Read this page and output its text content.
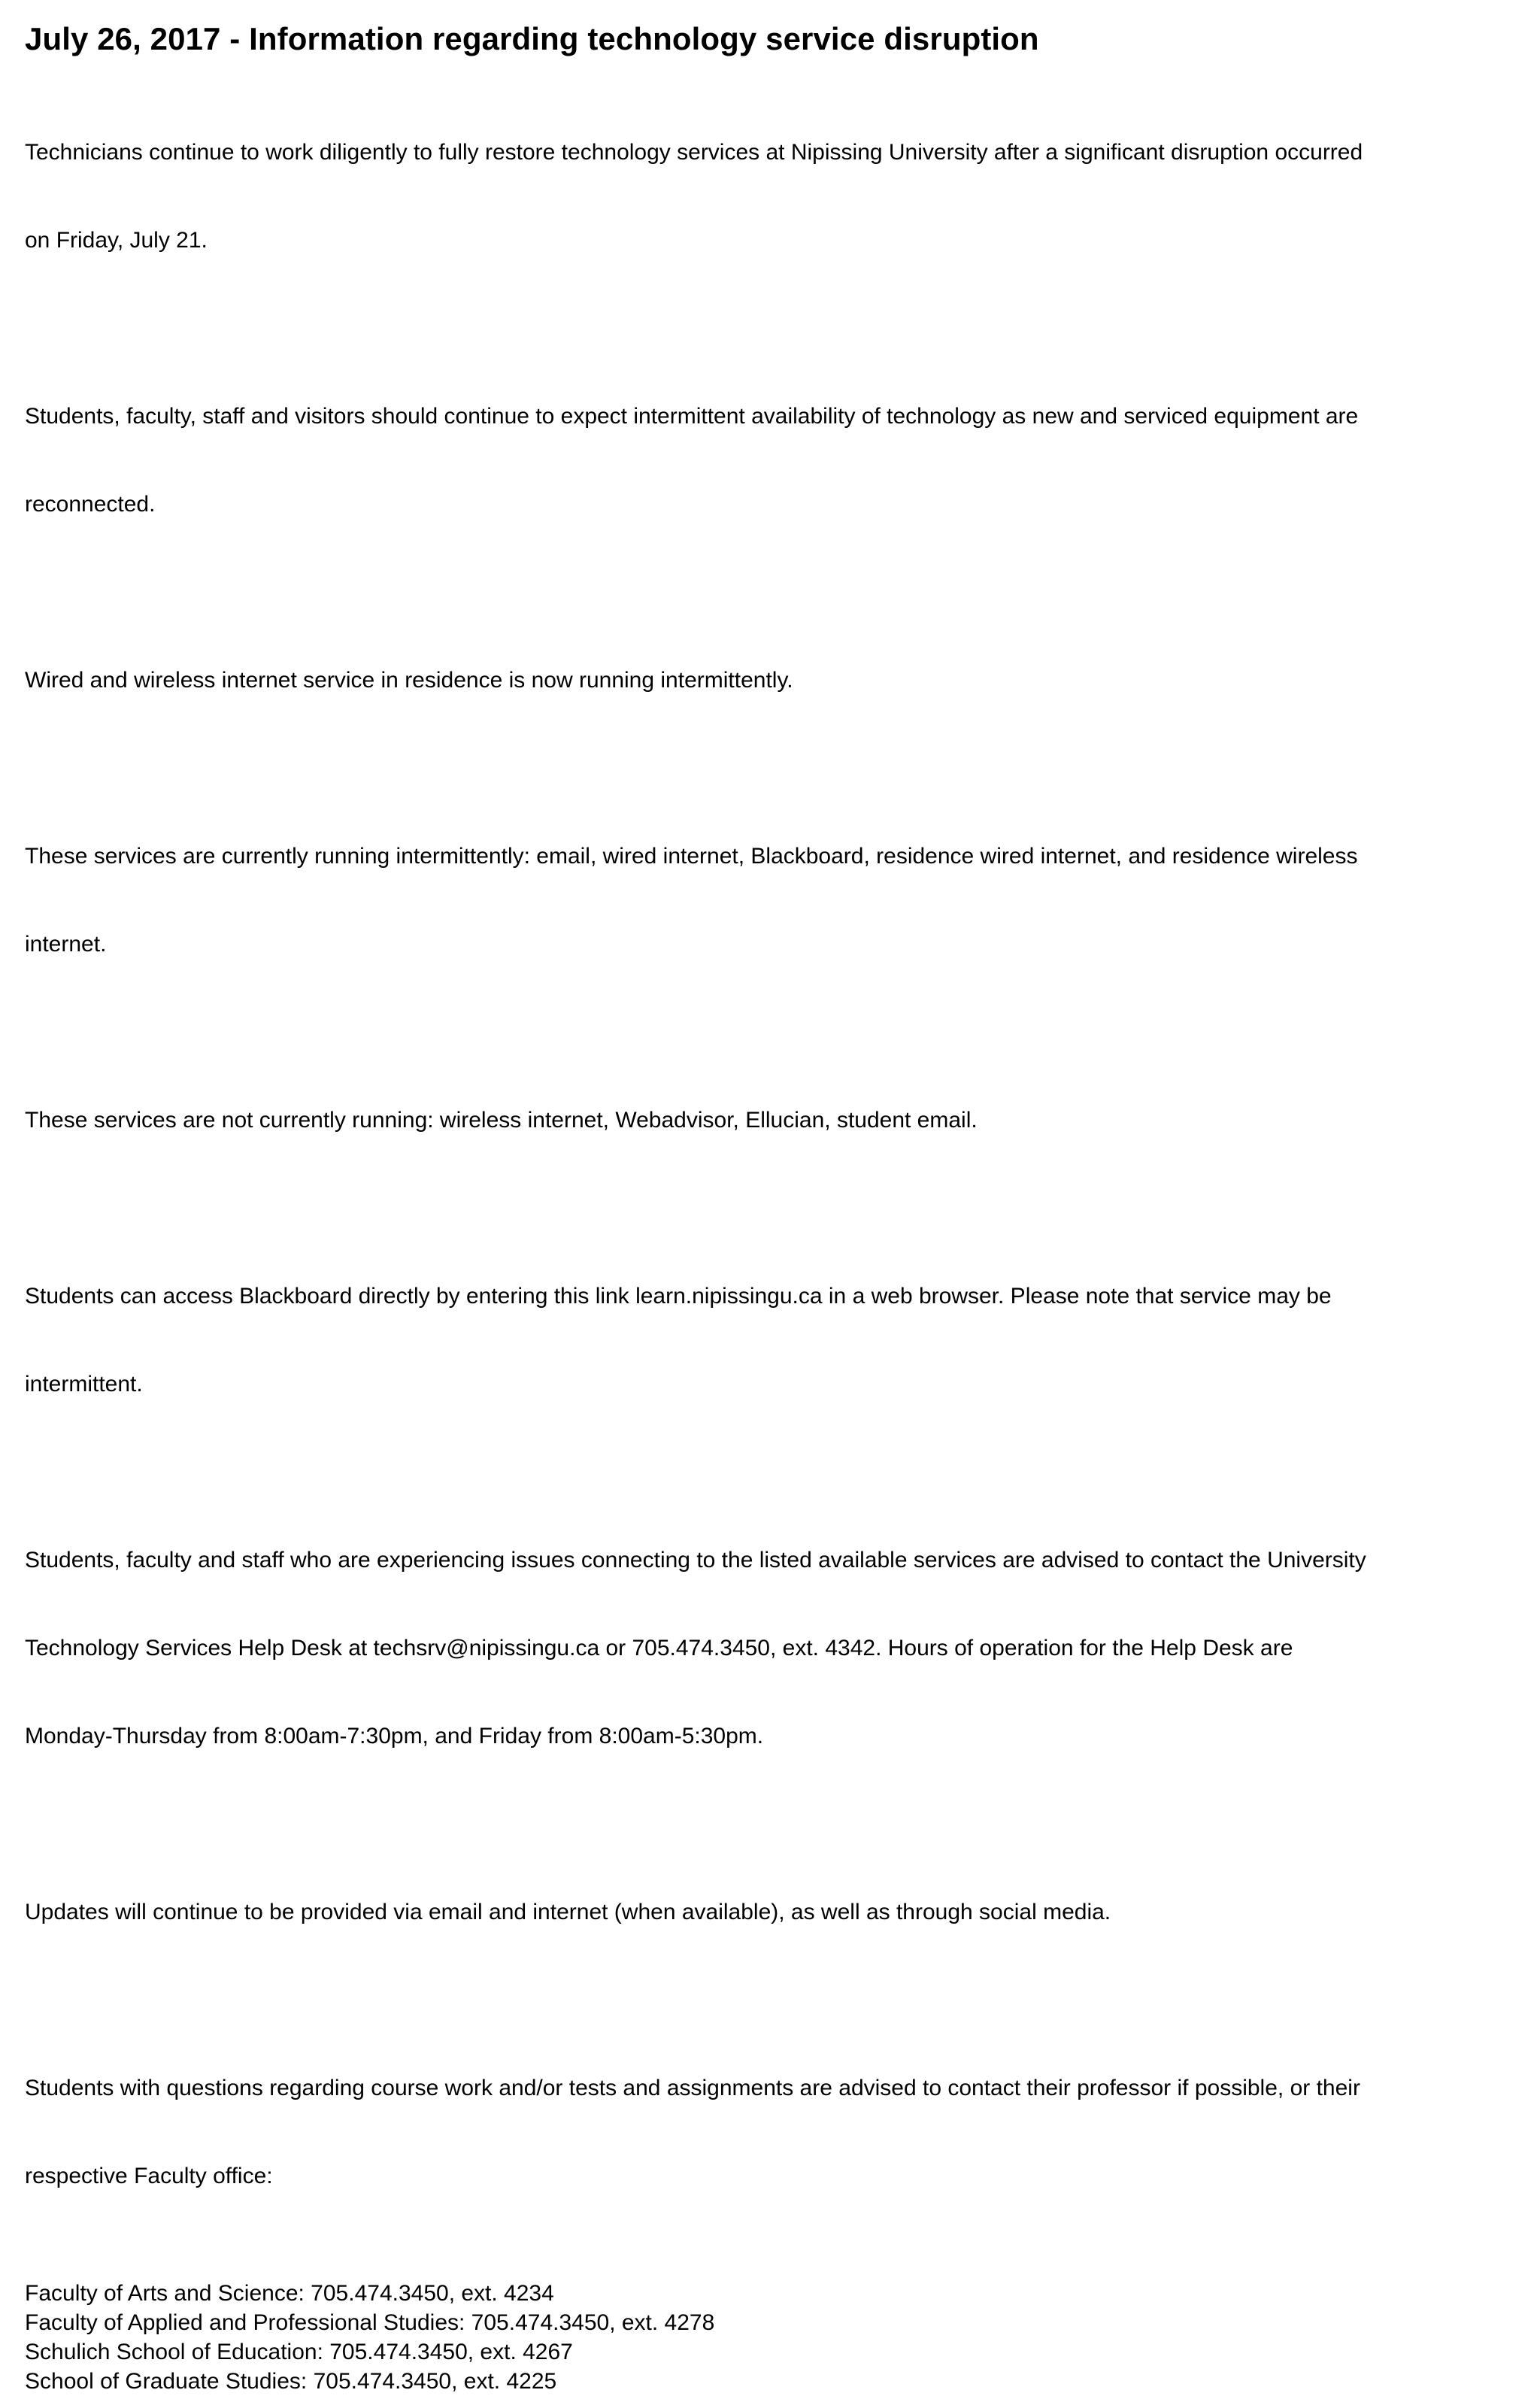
July 26, 2017 - Information regarding technology service disruption

Technicians continue to work diligently to fully restore technology services at Nipissing University after a significant disruption occurred

on Friday, July 21.

Students, faculty, staff and visitors should continue to expect intermittent availability of technology as new and serviced equipment are

reconnected.

Wired and wireless internet service in residence is now running intermittently.

These services are currently running intermittently: email, wired internet, Blackboard, residence wired internet, and residence wireless

internet.

These services are not currently running: wireless internet, Webadvisor, Ellucian, student email.

Students can access Blackboard directly by entering this link learn.nipissingu.ca in a web browser. Please note that service may be

intermittent.

Students, faculty and staff who are experiencing issues connecting to the listed available services are advised to contact the University

Technology Services Help Desk at techsrv@nipissingu.ca or 705.474.3450, ext. 4342. Hours of operation for the Help Desk are

Monday-Thursday from 8:00am-7:30pm, and Friday from 8:00am-5:30pm.

Updates will continue to be provided via email and internet (when available), as well as through social media.

Students with questions regarding course work and/or tests and assignments are advised to contact their professor if possible, or their

respective Faculty office:

Faculty of Arts and Science: 705.474.3450, ext. 4234
Faculty of Applied and Professional Studies: 705.474.3450, ext. 4278
Schulich School of Education: 705.474.3450, ext. 4267
School of Graduate Studies: 705.474.3450, ext. 4225
